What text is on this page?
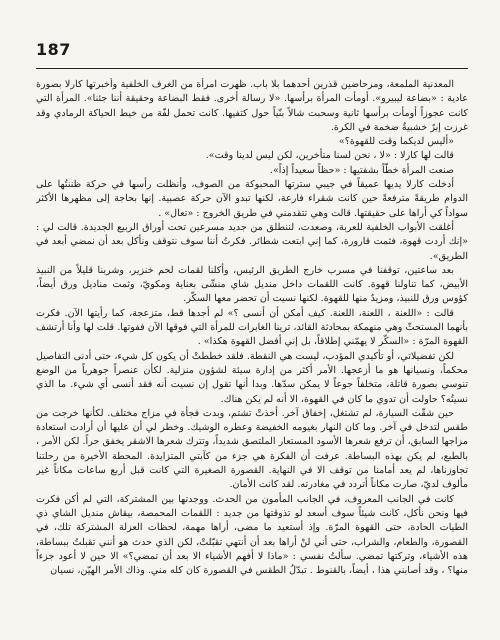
187

المعدنية الملمعة، ومرحاضين قذرين أحدهما بلا باب. ظهرت امرأة من الغرف الخلفية وأخبرتها كارلا بصورة عادية : «بضاعة ليبيرو». أومأت المرأة برأسها. «لا رسالة أخرى. فقط البضاعة وحقيقة أننا جئنا». المرأة التي كانت عجوزاً أومأت برأسها ثانية وسحبت شالاً بنّياً حول كتفيها. كانت تحمل لفّة من خيط الحياكة الرمادي وقد غرزت إبرٌ خشبيةٌ ضخمة في الكرة.

«أليس لديكما وقت للقهوة؟»

قالت لها كارلا : «لا ، نحن لسنا متأخرين، لكن ليس لدينا وقت».

صنعت المرأة خطّاً بشفتيها : «حظاً سعيداً إذاً».

أدخلت كارلا يديها عميقاً في جيبي سترتها المحبوكة من الصوف، وأنظلت رأسها في حركة ظننتُها على الدوام طريقةً مترفعةً حين كانت شقراء فارعة، لكنها تبدو الآن حركة عصبية. إنها بحاجة إلى مظهرها الأكثر سواداً كي أراها على حقيقتها. قالت وهي تتقدمني في طريق الخروج : «تعال» .

أغلقت الأبواب الخلفية للعربة، وصعدت، لننطلق من جديد مسرعين تحت أوراق الربيع الجديدة. قالت لي : «إنك أردت قهوة، فثمت قارورة، كما إني ابتعت شطائر. فكرتُ أننا سوف نتوقف ونأكل بعد أن نمضي أبعد في الطريق».

بعد ساعتين، توقفنا في مسرب خارج الطريق الرئيس، وأكلنا لقمات لحم خنزير، وشربنا قليلاً من النبيذ الأبيض، كما تناولنا قهوة. كانت اللقمات داخل منديل شاي منشّى بعناية ومكويّ، وثمت مناديل ورق أيضاً، كؤوس ورق للنبيذ، ومزيدٌ منها للقهوة. لكنها نسيت أن تحضر معها السكّر.

قالت : «اللعنة ، اللعنة، اللعنة. كيف أمكن أن أنسى ؟» لم أجدها قط، متزعجة، كما رأيتها الآن. فكرت بأنهما المستحثّ وهي منهمكة بمحادثة القائد، ترينا الغابرات للمرأة التي فوقها الآن ففوتها. قلت لها وأنا أرتشف القهوة المرّة : «السكّر لا يهمّني إطلاقاً، بل إني أفضل القهوة هكذا» .

لكن تفضيلاتي، أو تأكيدي المؤدب، ليست هي النقطة. فلقد خططتْ أن يكون كل شيء، حتى أدنى التفاصيل محكماً، ونسيانها هو ما أزعجها. الأمر أكثر من إدارة سيئة لشؤون منزلية. لكأن عنصراً جوهرياً من الوضع تنوسي بصورة قاتلة، متخلفاً جوعاً لا يمكن سدّها. وبدا أنها تقول إن نسيت أنه فقد أنسى أي شيء. ما الذي نسيتُه؟ حاولت أن تدوي ما كان في القهوة، الا أنه لم يكن هناك.

حين شقّت السيارة، لم تشتغل، إخفاق آخر. أخذتْ تشتم، وبدت فجأة في مزاج مختلف. لكأنها خرجت من طقس لتدخل في آخر. وما كان النهار بغيومه الخفيضة وعطره الوشيك. وخطر لي أن عليها أن أرادت استعادة مزاجها السابق، أن ترفع شعرها الأسود المستعار الملتصق شديداً، وتترك شعرها الاشقر يخفق حراً. لكن الأمر ، بالطبع، لم يكن بهذه البساطة. عرفت أن الفكرة هي جزء من كآبتي المتزايدة. المحطة الأخيرة من رحلتنا تجاوزناها، لم يعد أمامنا من توقف الا في النهاية. القصورة الصغيرة التي كانت قبل أربع ساعات مكاناً غير مألوف لديّ، صارت مكاناً أتردد في مغادرته. لقد كانت الأمان.

كانت في الجانب المعروف، في الجانب المأمون من الحدث. ووجدتها بين المشتركة، التي لم أكن فكرت فيها ونحن نأكل، كانت شيئاً سوف أسعد لو تذوقتها من جديد : اللقمات المحمصة، بيقاش منديل الشاي ذي الطيات الحادة، حتى القهوة المرّة. وإذ أستعيد ما مضى، أراها مهمة، لحظات العزلة المشتركة تلك، في القصورة، والطعام، والشراب، حتى أني لنْ أراها بعد أن أنتهي تقبّلتْ، لكن الذي حدث هو أنني تقبلتُ ببساطة، هذه الأشياء، وتركتها تمضي. سألتُ نفسي : «ماذا لا أفهم الأشياء الا بعد أن تمضي؟» الا حين لا أعود جزءاً منها؟ ، وقد أصابني هذا ، أيضاً، بالقنوط . تبدّلُ الطقس في القصورة كان كله مني. وذاك الأمر الهيّن، نسيان
